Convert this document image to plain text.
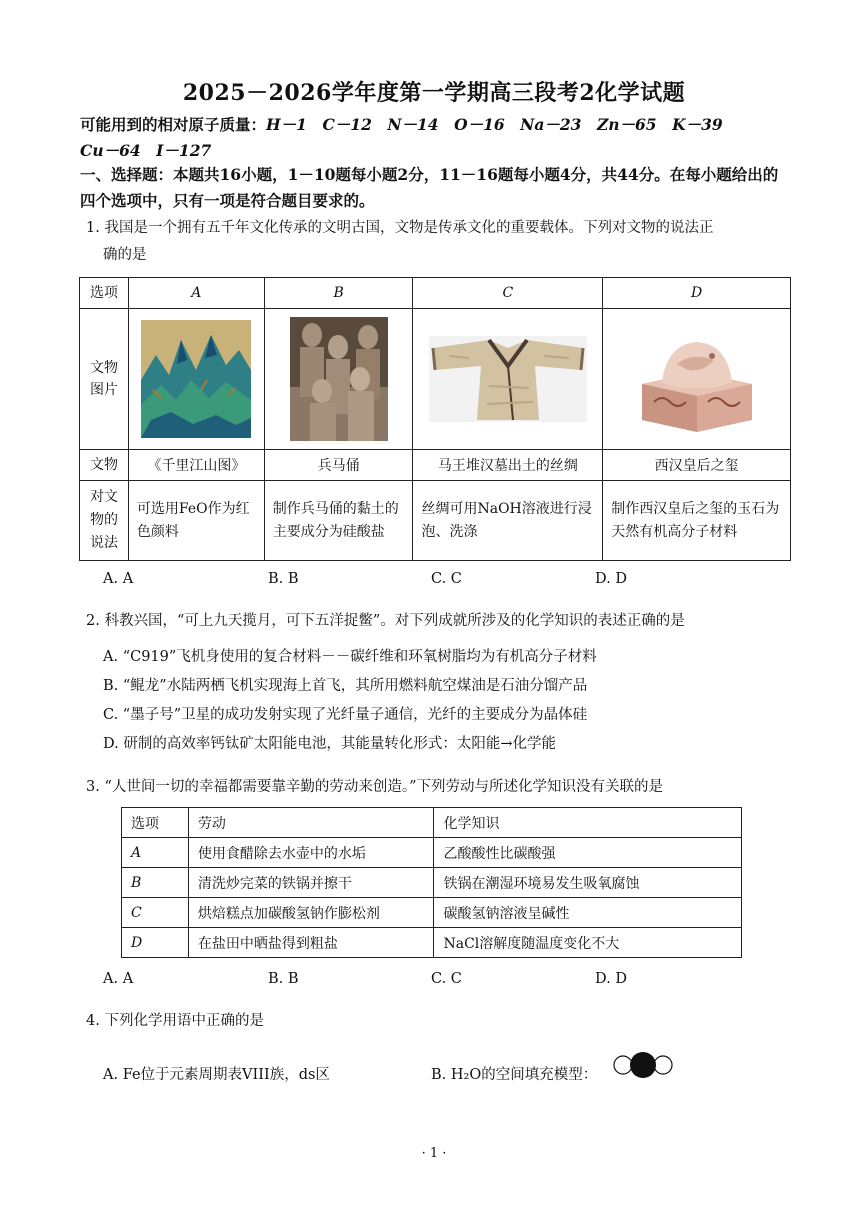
2025－2026学年度第一学期高三段考2化学试题
可能用到的相对原子质量：H－1　C－12　N－14　O－16　Na－23　Zn－65　K－39
Cu－64　I－127
一、选择题：本题共16小题，1－10题每小题2分，11－16题每小题4分，共44分。在每小题给出的四个选项中，只有一项是符合题目要求的。
1. 我国是一个拥有五千年文化传承的文明古国，文物是传承文化的重要载体。下列对文物的说法正
确的是
选项	A	B	C	D

文物图片

文物	《千里江山图》	兵马俑	马王堆汉墓出土的丝绸	西汉皇后之玺

对文物的说法	可选用FeO作为红色颜料	制作兵马俑的黏土的主要成分为硅酸盐	丝绸可用NaOH溶液进行浸泡、洗涤	制作西汉皇后之玺的玉石为天然有机高分子材料
A. A	B. B	C. C	D. D
2. 科教兴国，“可上九天揽月，可下五洋捉鳖”。对下列成就所涉及的化学知识的表述正确的是
A. “C919”飞机身使用的复合材料－－碳纤维和环氧树脂均为有机高分子材料
B. “鲲龙”水陆两栖飞机实现海上首飞，其所用燃料航空煤油是石油分馏产品
C. “墨子号”卫星的成功发射实现了光纤量子通信，光纤的主要成分为晶体硅
D. 研制的高效率钙钛矿太阳能电池，其能量转化形式：太阳能→化学能
3. “人世间一切的幸福都需要靠辛勤的劳动来创造。”下列劳动与所述化学知识没有关联的是
选项	劳动	化学知识
A	使用食醋除去水壶中的水垢	乙酸酸性比碳酸强
B	清洗炒完菜的铁锅并擦干	铁锅在潮湿环境易发生吸氧腐蚀
C	烘焙糕点加碳酸氢钠作膨松剂	碳酸氢钠溶液呈碱性
D	在盐田中晒盐得到粗盐	NaCl溶解度随温度变化不大
A. A	B. B	C. C	D. D
4. 下列化学用语中正确的是
A. Fe位于元素周期表VIII族，ds区	B. H₂O的空间填充模型：
· 1 ·
